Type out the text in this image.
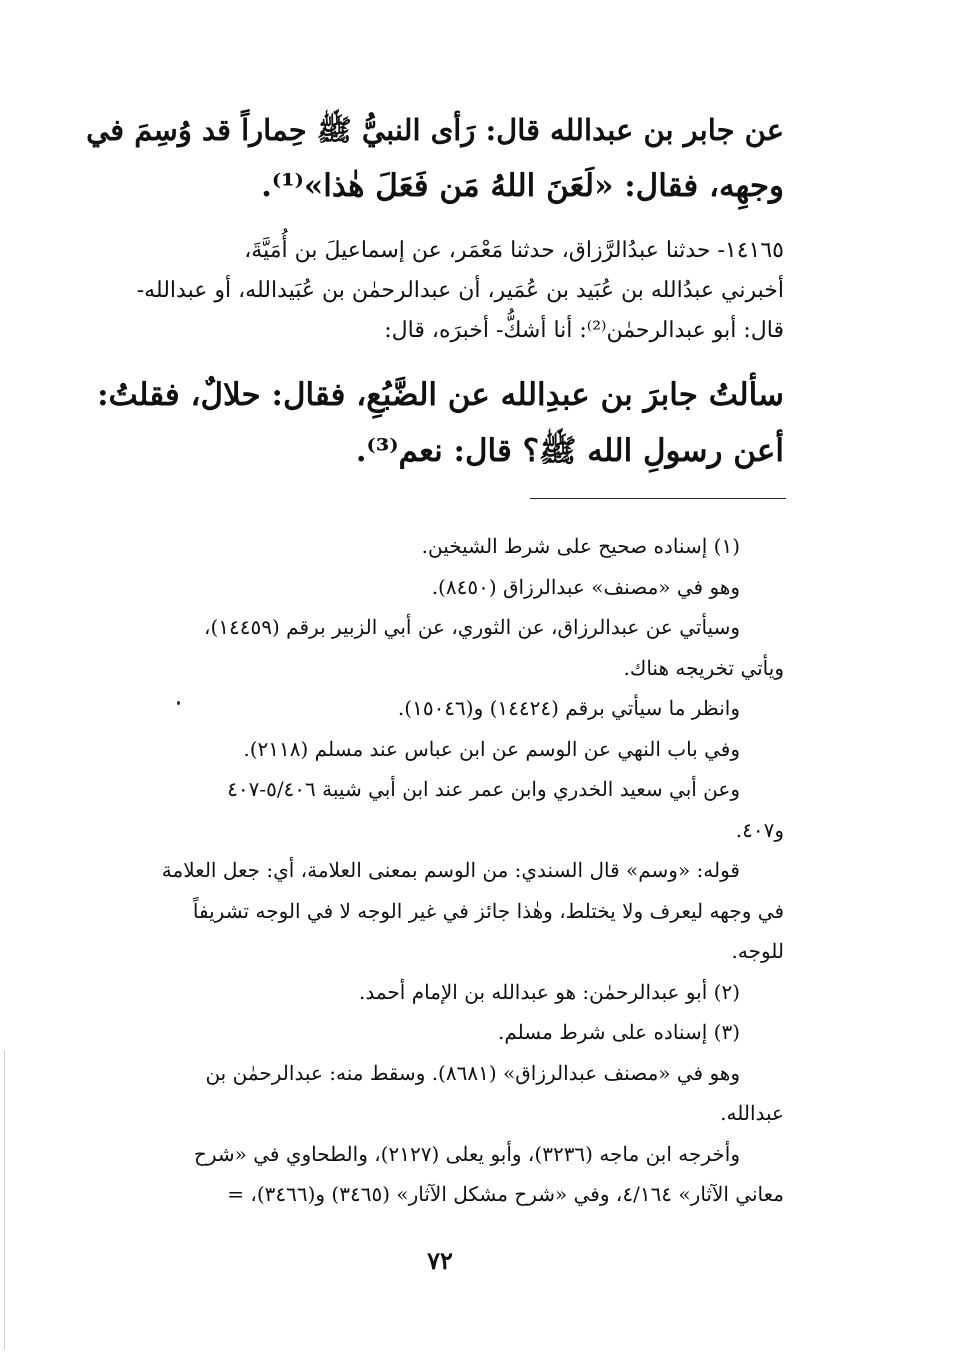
عن جابر بن عبدالله قال: رَأى النبيُّ ﷺ حِماراً قد وُسِمَ في
وجهِه، فقال: «لَعَنَ اللهُ مَن فَعَلَ هٰذا»⁽¹⁾.
١٤١٦٥- حدثنا عبدُالرَّزاق، حدثنا مَعْمَر، عن إسماعيلَ بن أُمَيَّةَ،
أخبرني عبدُالله بن عُبَيد بن عُمَير، أن عبدالرحمٰن بن عُبَيدالله، أو عبدالله-
قال: أبو عبدالرحمٰن⁽²⁾: أنا أشكُّ- أخبرَه، قال:
سألتُ جابرَ بن عبدِالله عن الضَّبُعِ، فقال: حلالٌ، فقلتُ:
أعن رسولِ الله ﷺ؟ قال: نعم⁽³⁾.
(١) إسناده صحيح على شرط الشيخين.
وهو في «مصنف» عبدالرزاق (٨٤٥٠).
وسيأتي عن عبدالرزاق، عن الثوري، عن أبي الزبير برقم (١٤٤٥٩)،
ويأتي تخريجه هناك.
وانظر ما سيأتي برقم (١٤٤٢٤) و(١٥٠٤٦).
وفي باب النهي عن الوسم عن ابن عباس عند مسلم (٢١١٨).
وعن أبي سعيد الخدري وابن عمر عند ابن أبي شيبة ٥/٤٠٦-٤٠٧
و٤٠٧.
قوله: «وسم» قال السندي: من الوسم بمعنى العلامة، أي: جعل العلامة
في وجهه ليعرف ولا يختلط، وهٰذا جائز في غير الوجه لا في الوجه تشريفاً
للوجه.
(٢) أبو عبدالرحمٰن: هو عبدالله بن الإمام أحمد.
(٣) إسناده على شرط مسلم.
وهو في «مصنف عبدالرزاق» (٨٦٨١). وسقط منه: عبدالرحمٰن بن
عبدالله.
وأخرجه ابن ماجه (٣٢٣٦)، وأبو يعلى (٢١٢٧)، والطحاوي في «شرح
معاني الآثار» ٤/١٦٤، وفي «شرح مشكل الآثار» (٣٤٦٥) و(٣٤٦٦)، =
٧٢
